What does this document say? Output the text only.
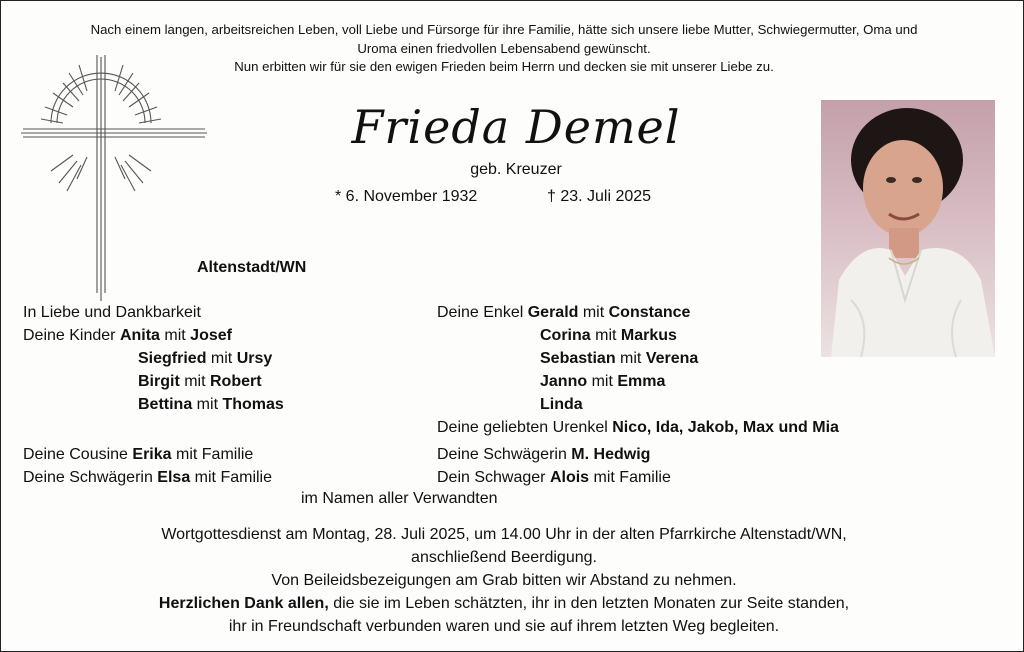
Nach einem langen, arbeitsreichen Leben, voll Liebe und Fürsorge für ihre Familie, hätte sich unsere liebe Mutter, Schwiegermutter, Oma und
Uroma einen friedvollen Lebensabend gewünscht.
Nun erbitten wir für sie den ewigen Frieden beim Herrn und decken sie mit unserer Liebe zu.
Frieda Demel
geb. Kreuzer
* 6. November 1932	† 23. Juli 2025
Altenstadt/WN
In Liebe und Dankbarkeit
Deine Kinder Anita mit Josef
Siegfried mit Ursy
Birgit mit Robert
Bettina mit Thomas
Deine Enkel Gerald mit Constance
Corina mit Markus
Sebastian mit Verena
Janno mit Emma
Linda
Deine geliebten Urenkel Nico, Ida, Jakob, Max und Mia
Deine Cousine Erika mit Familie
Deine Schwägerin Elsa mit Familie
Deine Schwägerin M. Hedwig
Dein Schwager Alois mit Familie
im Namen aller Verwandten
Wortgottesdienst am Montag, 28. Juli 2025, um 14.00 Uhr in der alten Pfarrkirche Altenstadt/WN,
anschließend Beerdigung.
Von Beileidsbezeigungen am Grab bitten wir Abstand zu nehmen.
Herzlichen Dank allen, die sie im Leben schätzten, ihr in den letzten Monaten zur Seite standen,
ihr in Freundschaft verbunden waren und sie auf ihrem letzten Weg begleiten.
